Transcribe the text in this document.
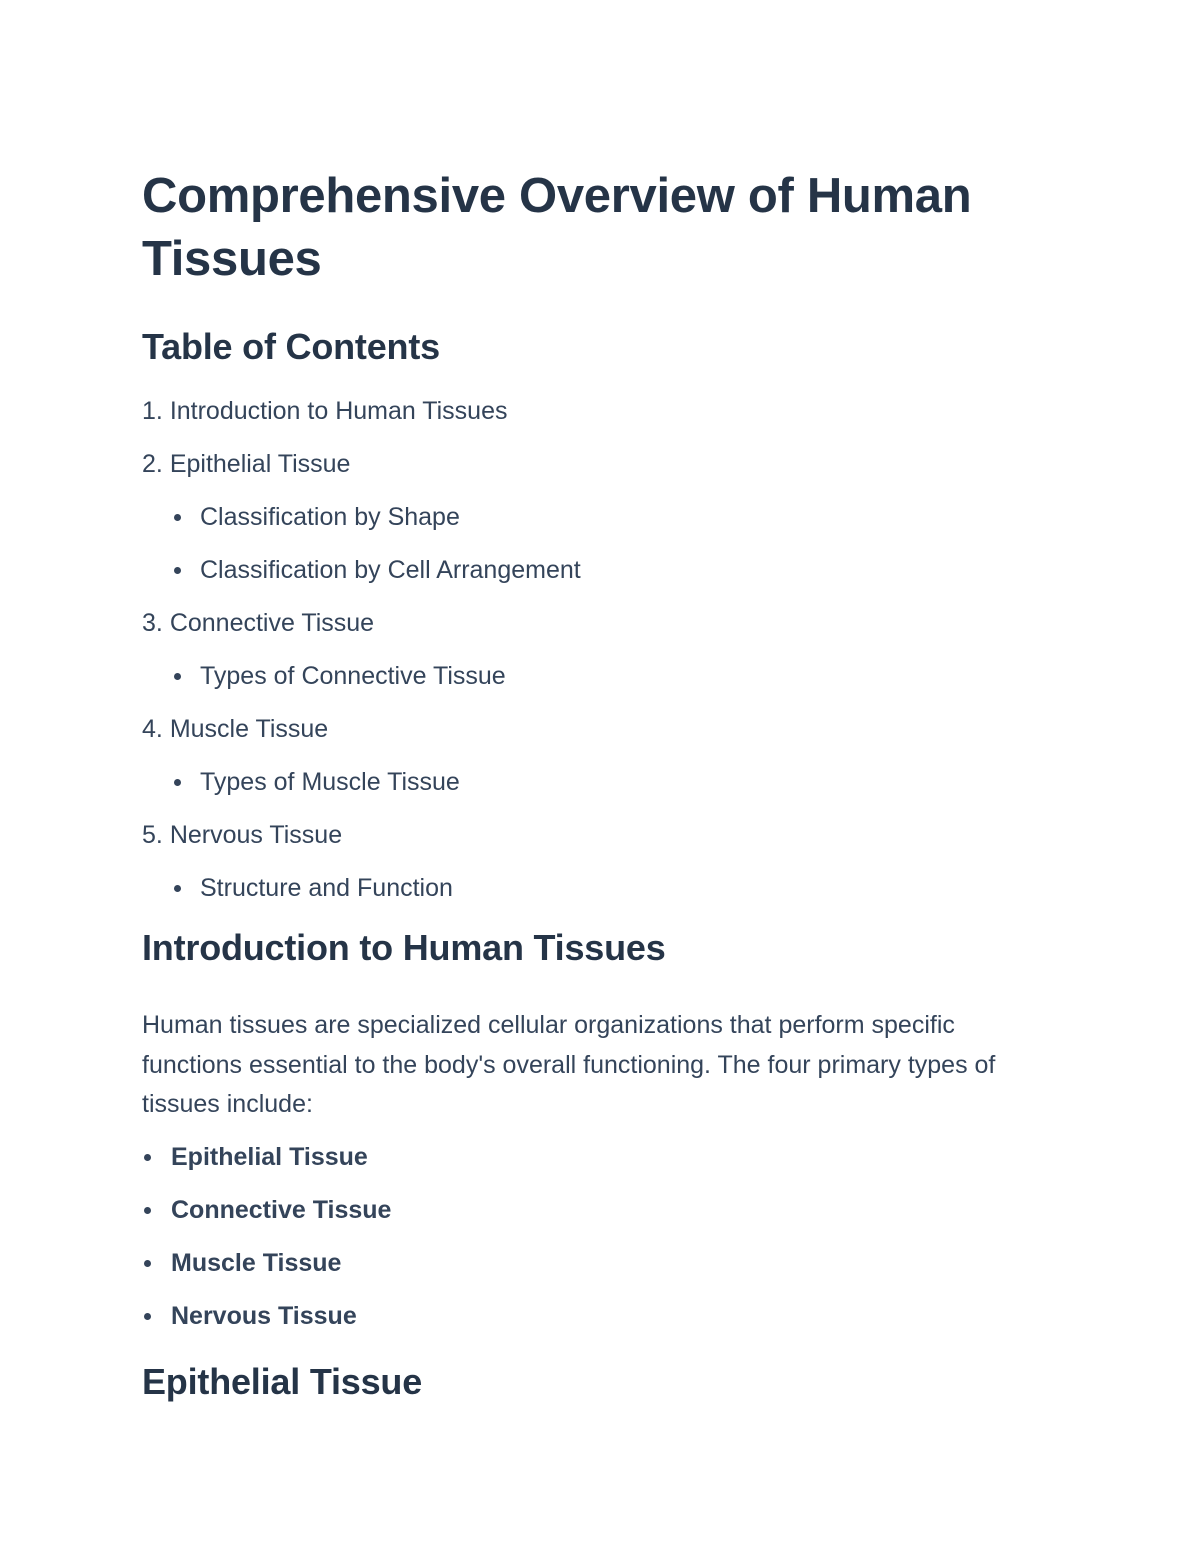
Comprehensive Overview of Human Tissues
Table of Contents
1. Introduction to Human Tissues
2. Epithelial Tissue
Classification by Shape
Classification by Cell Arrangement
3. Connective Tissue
Types of Connective Tissue
4. Muscle Tissue
Types of Muscle Tissue
5. Nervous Tissue
Structure and Function
Introduction to Human Tissues

Human tissues are specialized cellular organizations that perform specific functions essential to the body's overall functioning. The four primary types of tissues include:

Epithelial Tissue
Connective Tissue
Muscle Tissue
Nervous Tissue
Epithelial Tissue
